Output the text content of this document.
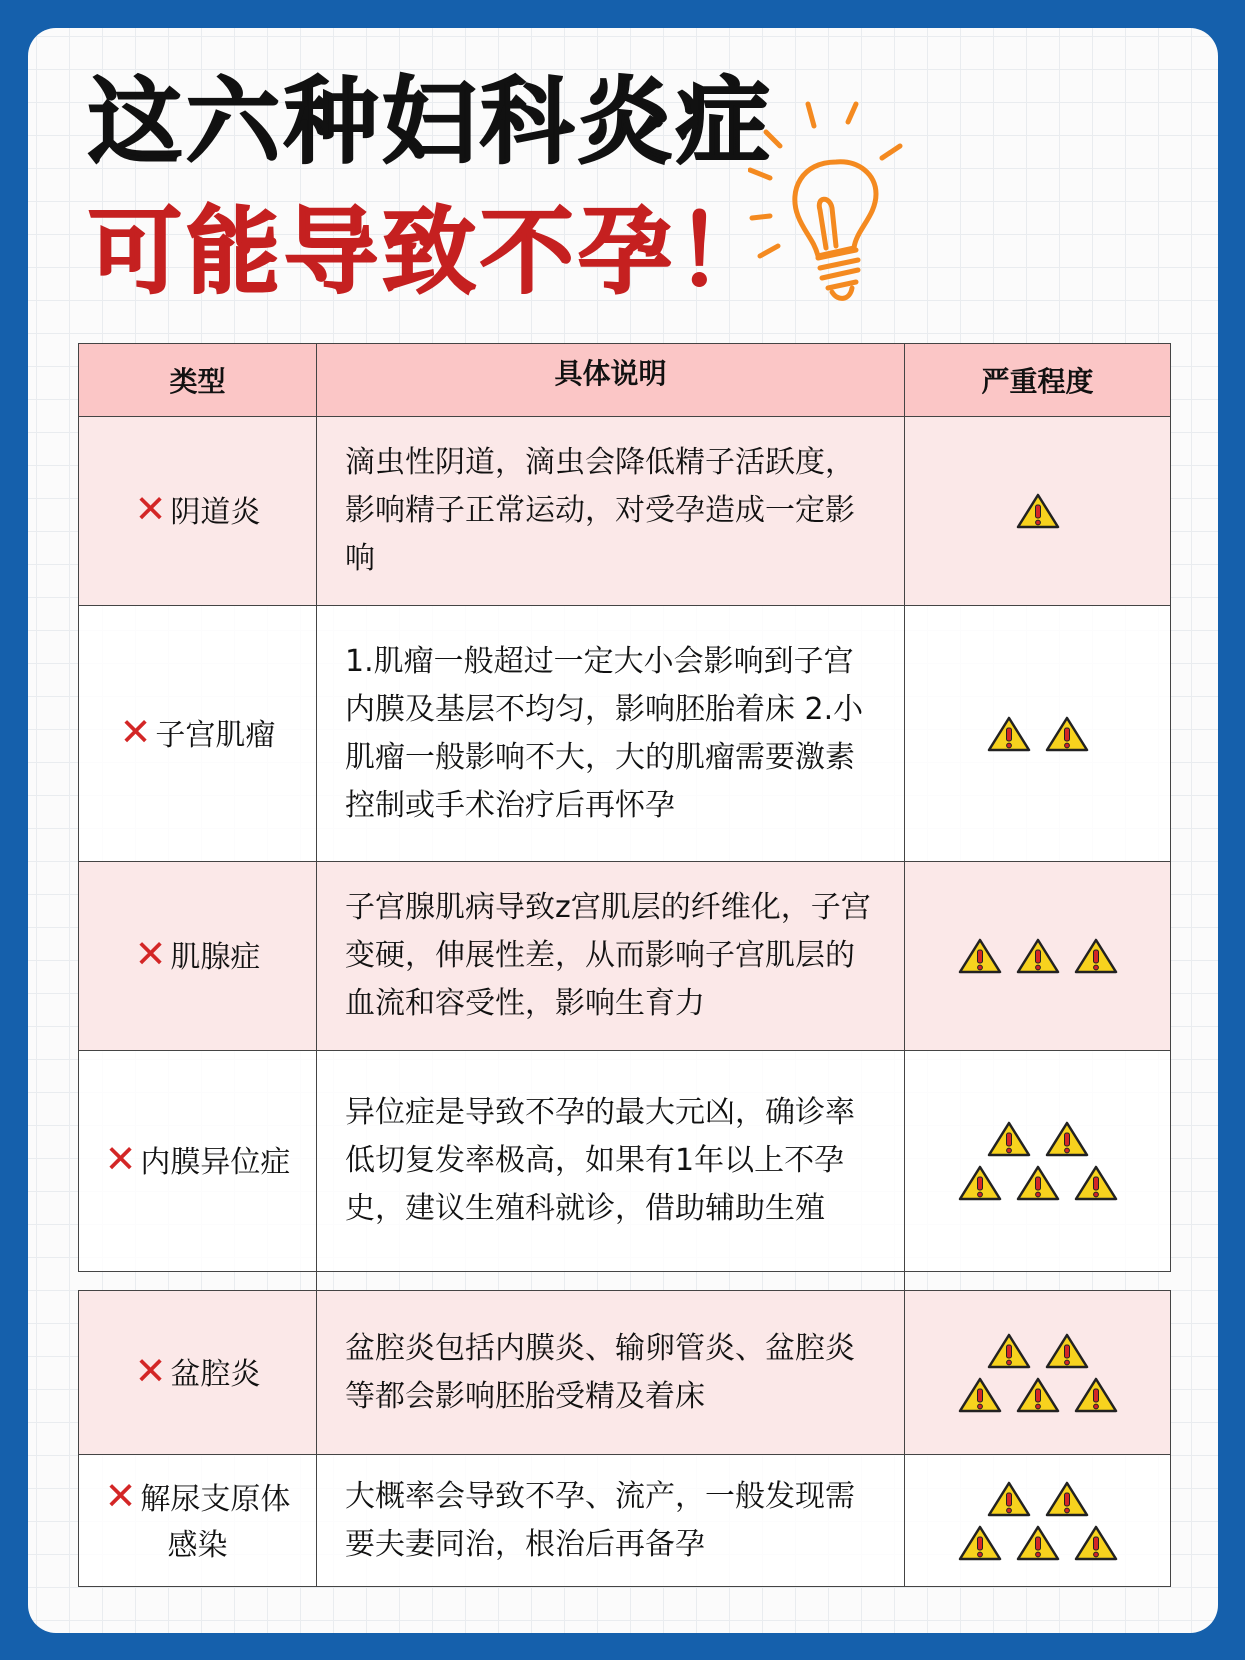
这六种妇科炎症
可能导致不孕！
类型	具体说明	严重程度
✕ 阴道炎	滴虫性阴道，滴虫会降低精子活跃度，影响精子正常运动，对受孕造成一定影响	

✕ 子宫肌瘤	1.肌瘤一般超过一定大小会影响到子宫内膜及基层不均匀，影响胚胎着床 2.小肌瘤一般影响不大，大的肌瘤需要激素控制或手术治疗后再怀孕	

✕ 肌腺症	子宫腺肌病导致z宫肌层的纤维化，子宫变硬，伸展性差，从而影响子宫肌层的血流和容受性，影响生育力	

✕ 内膜异位症	异位症是导致不孕的最大元凶，确诊率低切复发率极高，如果有1年以上不孕史，建议生殖科就诊，借助辅助生殖	

✕ 盆腔炎	盆腔炎包括内膜炎、输卵管炎、盆腔炎等都会影响胚胎受精及着床	

✕ 解尿支原体
感染	大概率会导致不孕、流产，一般发现需要夫妻同治，根治后再备孕	
